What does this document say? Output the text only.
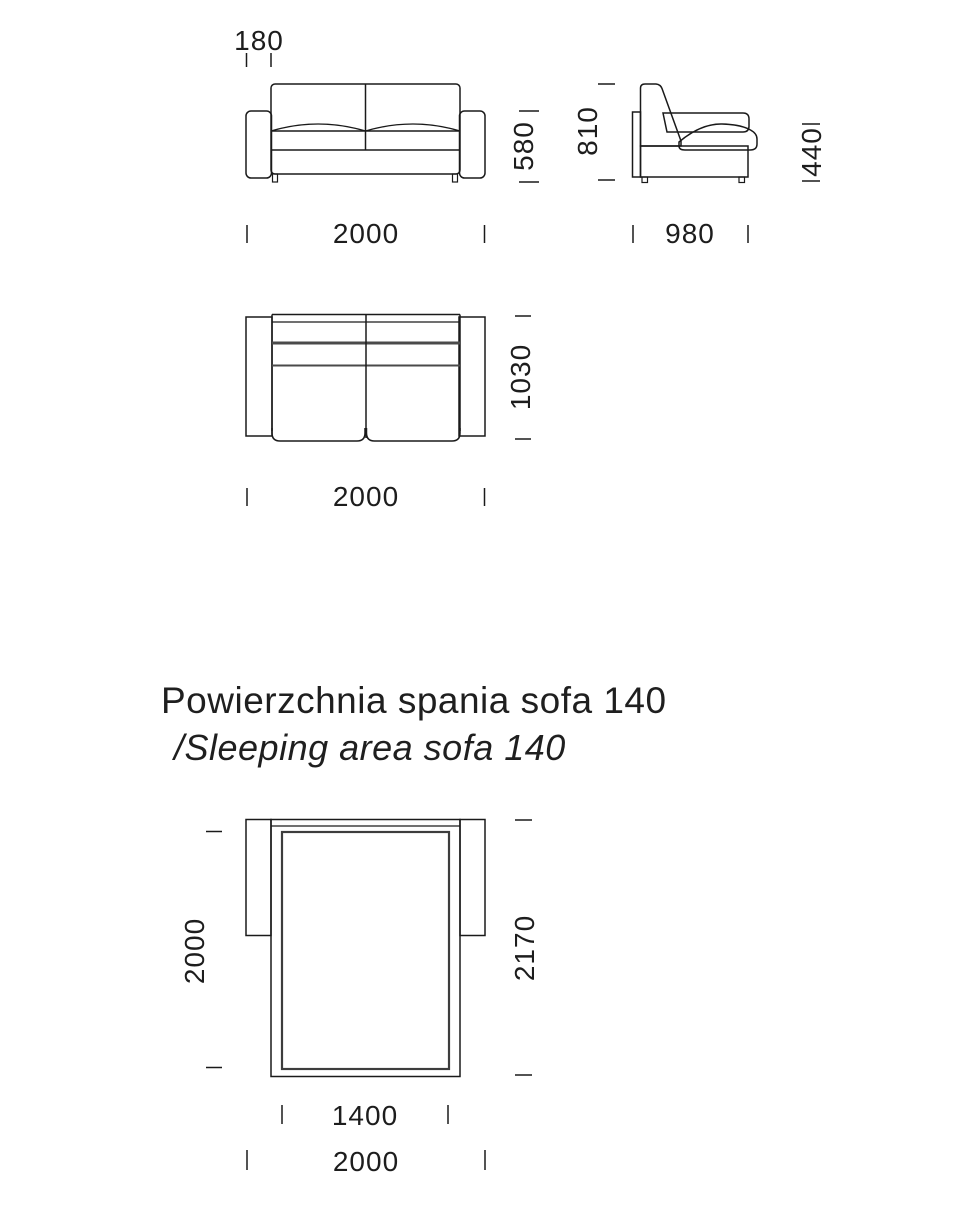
180
580
2000
810	440
980
1030
2000
Powierzchnia spania sofa 140
/Sleeping area sofa 140
2000	2170
1400
2000
